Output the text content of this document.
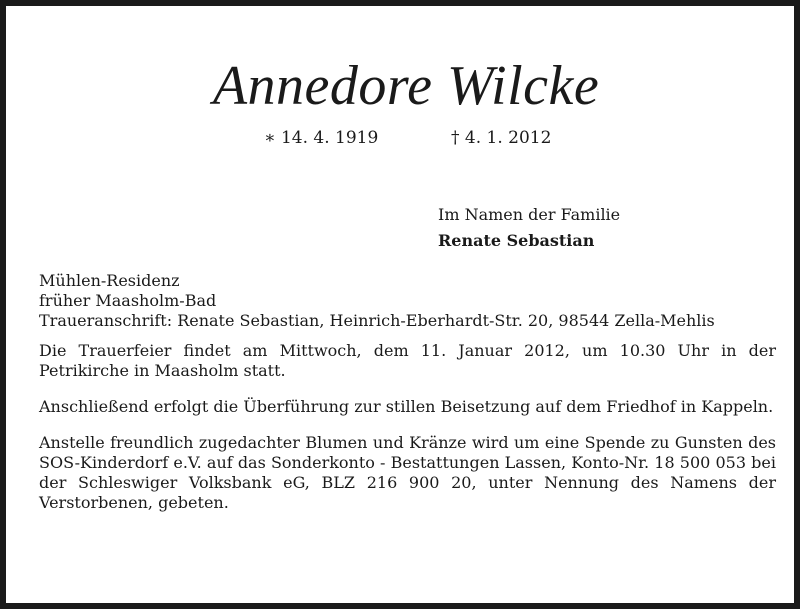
Annedore Wilcke
∗ 14. 4. 1919	† 4. 1. 2012
Im Namen der Familie
Renate Sebastian
Mühlen-Residenz
früher Maasholm-Bad
Traueranschrift: Renate Sebastian, Heinrich-Eberhardt-Str. 20, 98544 Zella-Mehlis

Die Trauerfeier findet am Mittwoch, dem 11. Januar 2012, um 10.30 Uhr in der Petrikirche in Maasholm statt.

Anschließend erfolgt die Überführung zur stillen Beisetzung auf dem Friedhof in Kappeln.

Anstelle freundlich zugedachter Blumen und Kränze wird um eine Spende zu Gunsten des SOS-Kinderdorf e.V. auf das Sonderkonto - Bestattungen Lassen, Konto-Nr. 18 500 053 bei der Schleswiger Volksbank eG, BLZ 216 900 20, unter Nennung des Namens der Verstorbenen, gebeten.
